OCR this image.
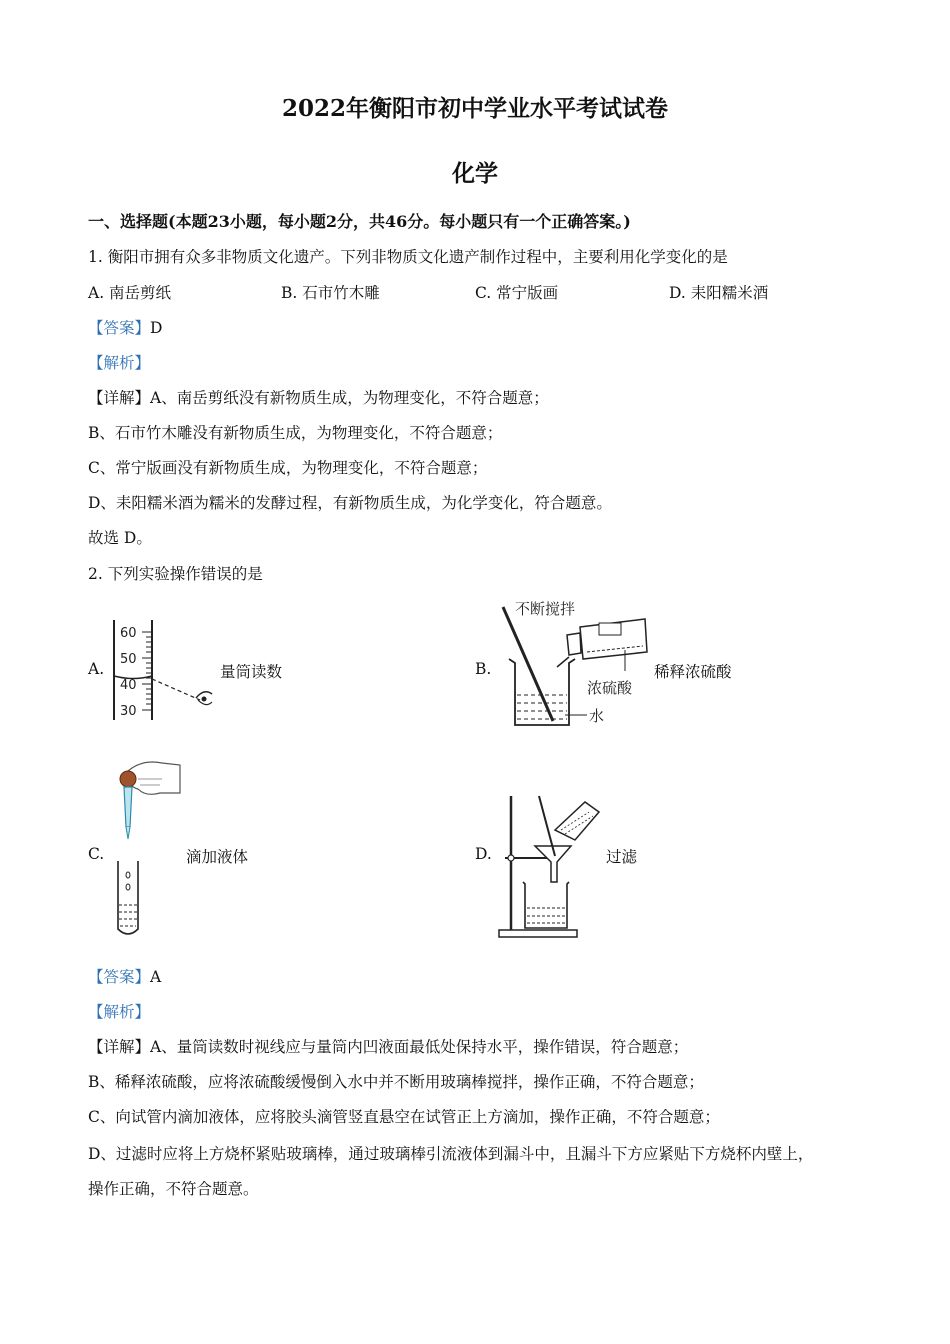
2022年衡阳市初中学业水平考试试卷
化学
一、选择题(本题23小题，每小题2分，共46分。每小题只有一个正确答案。)
1. 衡阳市拥有众多非物质文化遗产。下列非物质文化遗产制作过程中，主要利用化学变化的是
A. 南岳剪纸	B. 石市竹木雕	C. 常宁版画	D. 耒阳糯米酒
【答案】D
【解析】
【详解】A、南岳剪纸没有新物质生成，为物理变化，不符合题意；
B、石市竹木雕没有新物质生成，为物理变化，不符合题意；
C、常宁版画没有新物质生成，为物理变化，不符合题意；
D、耒阳糯米酒为糯米的发酵过程，有新物质生成，为化学变化，符合题意。
故选 D。
2. 下列实验操作错误的是
A.
60
50
40
30
量筒读数	B.
不断搅拌
浓硫酸
水
稀释浓硫酸
C.	滴加液体	D.	过滤
【答案】A
【解析】
【详解】A、量筒读数时视线应与量筒内凹液面最低处保持水平，操作错误，符合题意；
B、稀释浓硫酸，应将浓硫酸缓慢倒入水中并不断用玻璃棒搅拌，操作正确，不符合题意；
C、向试管内滴加液体，应将胶头滴管竖直悬空在试管正上方滴加，操作正确，不符合题意；
D、过滤时应将上方烧杯紧贴玻璃棒，通过玻璃棒引流液体到漏斗中，且漏斗下方应紧贴下方烧杯内壁上，
操作正确，不符合题意。
